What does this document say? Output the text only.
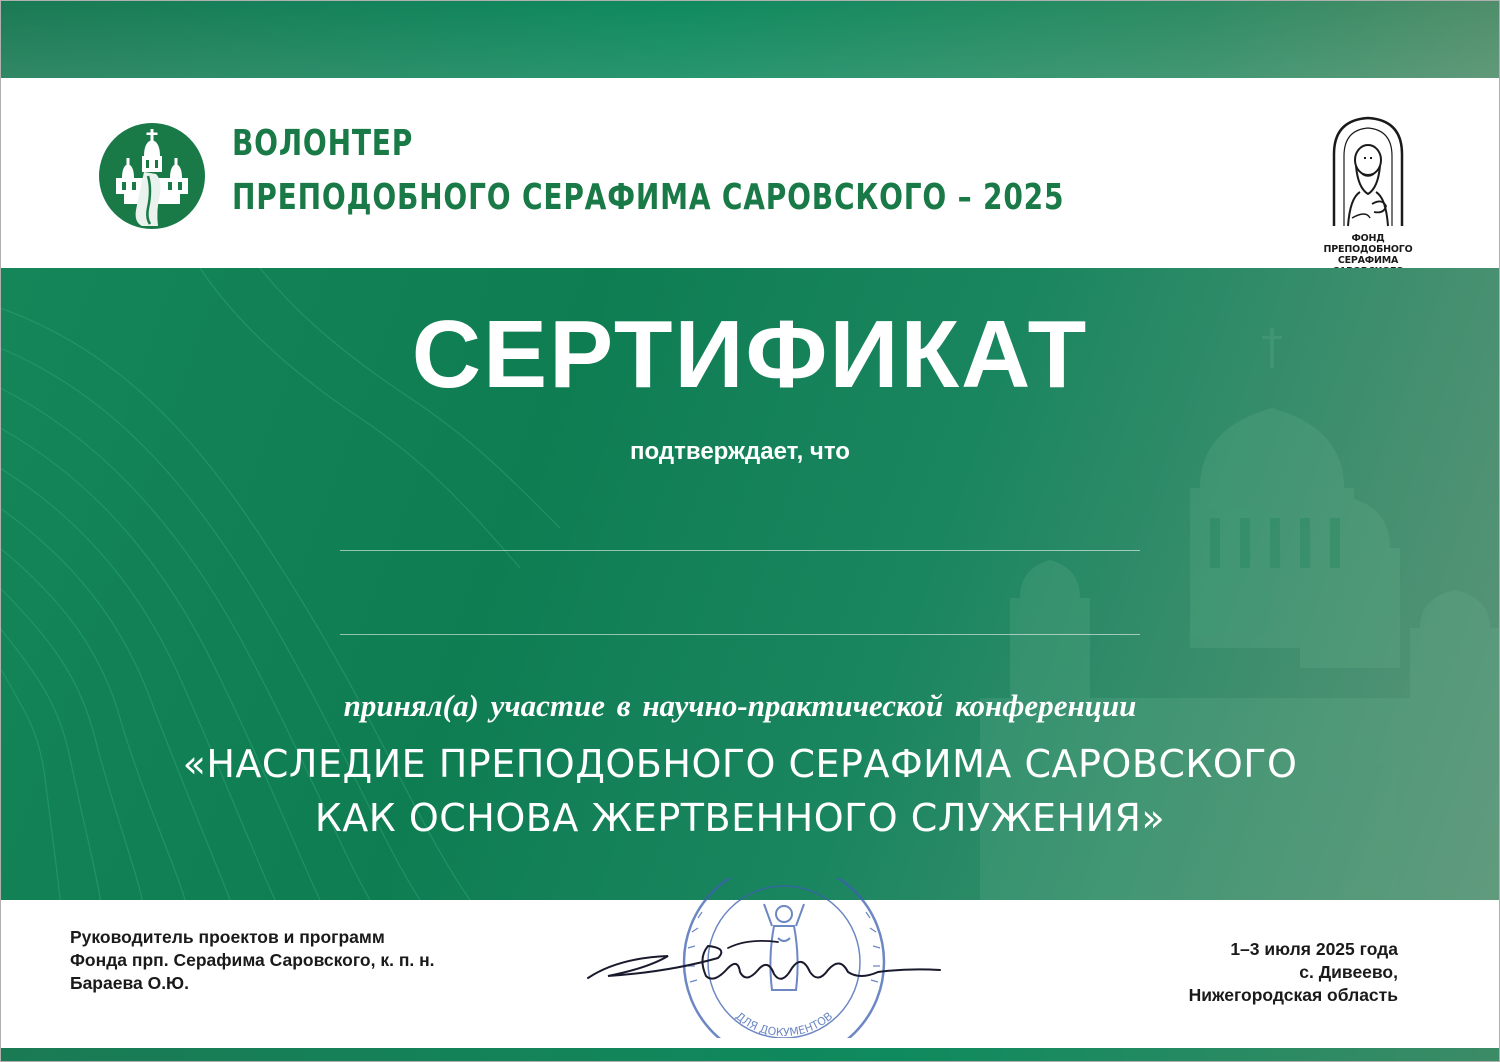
ВОЛОНТЕР
ПРЕПОДОБНОГО СЕРАФИМА САРОВСКОГО – 2025
ФОНД ПРЕПОДОБНОГО
СЕРАФИМА
СЕРТИФИКАТ
подтверждает, что
принял(а) участие в научно-практической конференции
«НАСЛЕДИЕ ПРЕПОДОБНОГО СЕРАФИМА САРОВСКОГО
КАК ОСНОВА ЖЕРТВЕННОГО СЛУЖЕНИЯ»
Руководитель проектов и программ
Фонда прп. Серафима Саровского, к. п. н.
Бараева О.Ю.
ДЛЯ ДОКУМЕНТОВ
1–3 июля 2025 года
с. Дивеево,
Нижегородская область
